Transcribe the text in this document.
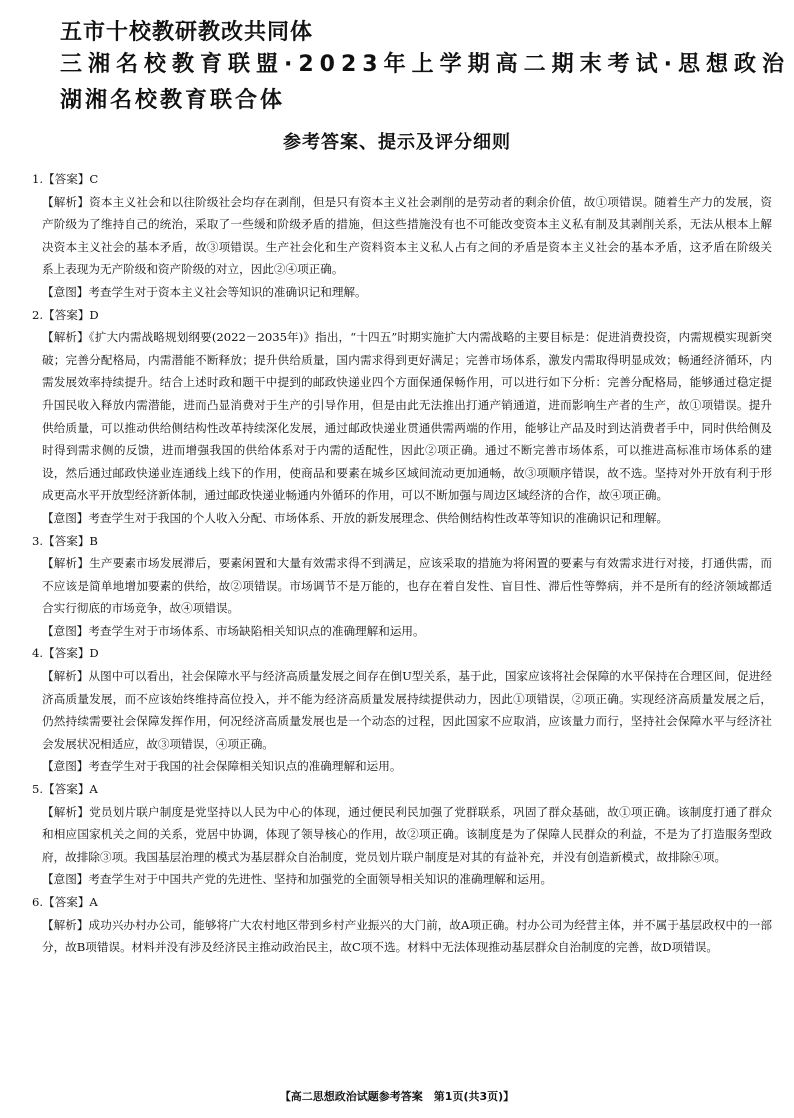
五市十校教研教改共同体
三湘名校教育联盟·2023年上学期高二期末考试·思想政治
湖湘名校教育联合体
参考答案、提示及评分细则

1.【答案】C

【解析】资本主义社会和以往阶级社会均存在剥削，但是只有资本主义社会剥削的是劳动者的剩余价值，故①项错误。随着生产力的发展，资产阶级为了维持自己的统治，采取了一些缓和阶级矛盾的措施，但这些措施没有也不可能改变资本主义私有制及其剥削关系，无法从根本上解决资本主义社会的基本矛盾，故③项错误。生产社会化和生产资料资本主义私人占有之间的矛盾是资本主义社会的基本矛盾，这矛盾在阶级关系上表现为无产阶级和资产阶级的对立，因此②④项正确。

【意图】考查学生对于资本主义社会等知识的准确识记和理解。

2.【答案】D

【解析】《扩大内需战略规划纲要(2022－2035年)》指出，“十四五”时期实施扩大内需战略的主要目标是：促进消费投资，内需规模实现新突破；完善分配格局，内需潜能不断释放；提升供给质量，国内需求得到更好满足；完善市场体系，激发内需取得明显成效；畅通经济循环，内需发展效率持续提升。结合上述时政和题干中提到的邮政快递业四个方面保通保畅作用，可以进行如下分析：完善分配格局，能够通过稳定提升国民收入释放内需潜能，进而凸显消费对于生产的引导作用，但是由此无法推出打通产销通道，进而影响生产者的生产，故①项错误。提升供给质量，可以推动供给侧结构性改革持续深化发展，通过邮政快递业贯通供需两端的作用，能够让产品及时到达消费者手中，同时供给侧及时得到需求侧的反馈，进而增强我国的供给体系对于内需的适配性，因此②项正确。通过不断完善市场体系，可以推进高标准市场体系的建设，然后通过邮政快递业连通线上线下的作用，使商品和要素在城乡区域间流动更加通畅，故③项顺序错误，故不选。坚持对外开放有利于形成更高水平开放型经济新体制，通过邮政快递业畅通内外循环的作用，可以不断加强与周边区域经济的合作，故④项正确。

【意图】考查学生对于我国的个人收入分配、市场体系、开放的新发展理念、供给侧结构性改革等知识的准确识记和理解。

3.【答案】B

【解析】生产要素市场发展滞后，要素闲置和大量有效需求得不到满足，应该采取的措施为将闲置的要素与有效需求进行对接，打通供需，而不应该是简单地增加要素的供给，故②项错误。市场调节不是万能的，也存在着自发性、盲目性、滞后性等弊病，并不是所有的经济领域都适合实行彻底的市场竞争，故④项错误。

【意图】考查学生对于市场体系、市场缺陷相关知识点的准确理解和运用。

4.【答案】D

【解析】从图中可以看出，社会保障水平与经济高质量发展之间存在倒U型关系，基于此，国家应该将社会保障的水平保持在合理区间，促进经济高质量发展，而不应该始终维持高位投入，并不能为经济高质量发展持续提供动力，因此①项错误，②项正确。实现经济高质量发展之后，仍然持续需要社会保障发挥作用，何况经济高质量发展也是一个动态的过程，因此国家不应取消，应该量力而行，坚持社会保障水平与经济社会发展状况相适应，故③项错误，④项正确。

【意图】考查学生对于我国的社会保障相关知识点的准确理解和运用。

5.【答案】A

【解析】党员划片联户制度是党坚持以人民为中心的体现，通过便民利民加强了党群联系，巩固了群众基础，故①项正确。该制度打通了群众和相应国家机关之间的关系，党居中协调，体现了领导核心的作用，故②项正确。该制度是为了保障人民群众的利益，不是为了打造服务型政府，故排除③项。我国基层治理的模式为基层群众自治制度，党员划片联户制度是对其的有益补充，并没有创造新模式，故排除④项。

【意图】考查学生对于中国共产党的先进性、坚持和加强党的全面领导相关知识的准确理解和运用。

6.【答案】A

【解析】成功兴办村办公司，能够将广大农村地区带到乡村产业振兴的大门前，故A项正确。村办公司为经营主体，并不属于基层政权中的一部分，故B项错误。材料并没有涉及经济民主推动政治民主，故C项不选。材料中无法体现推动基层群众自治制度的完善，故D项错误。

【高二思想政治试题参考答案　第1页(共3页)】
